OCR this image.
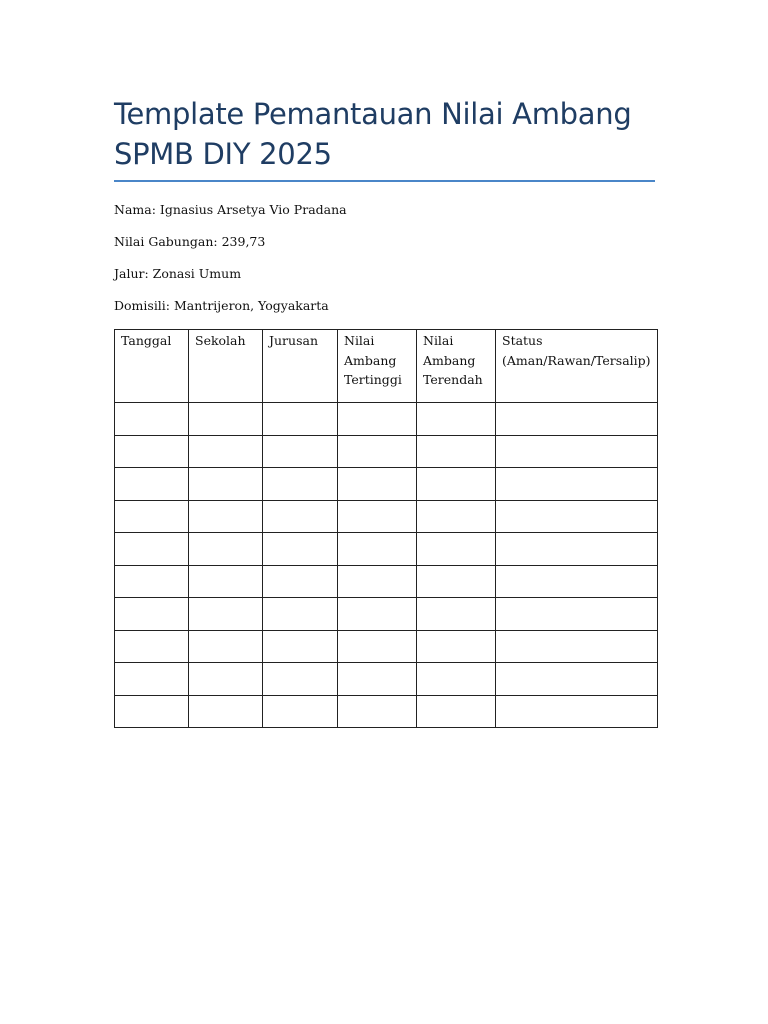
Template Pemantauan Nilai Ambang SPMB DIY 2025
Nama: Ignasius Arsetya Vio Pradana
Nilai Gabungan: 239,73
Jalur: Zonasi Umum
Domisili: Mantrijeron, Yogyakarta
Tanggal	Sekolah	Jurusan	Nilai Ambang Tertinggi	Nilai Ambang Terendah	Status (Aman/Rawan/Tersalip)
